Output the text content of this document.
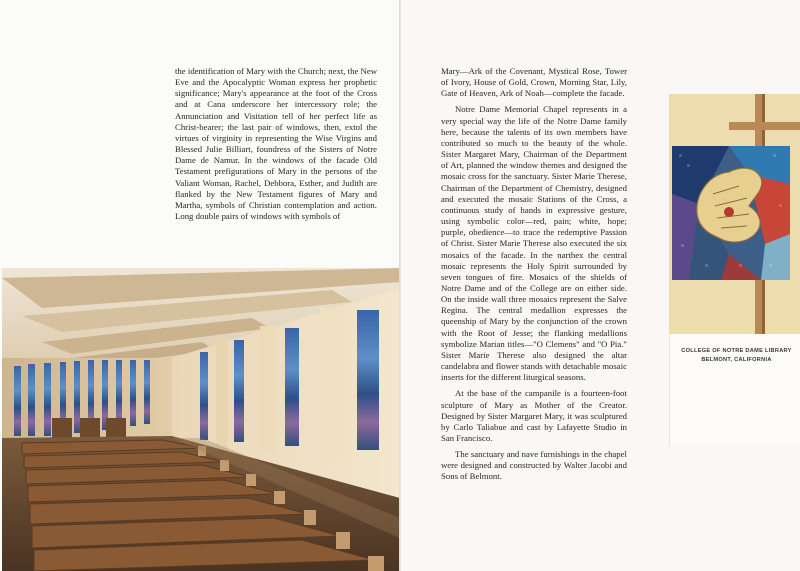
the identification of Mary with the Church; next, the New Eve and the Apocalyptic Woman express her prophetic significance; Mary's appearance at the foot of the Cross and at Cana underscore her intercessory role; the Annunciation and Visitation tell of her perfect life as Christ-bearer; the last pair of windows, then, extol the virtues of virginity in representing the Wise Virgins and Blessed Julie Billiart, foundress of the Sisters of Notre Dame de Namur. In the windows of the facade Old Testament prefigurations of Mary in the persons of the Valiant Woman, Rachel, Debbora, Esther, and Judith are flanked by the New Testament figures of Mary and Martha, symbols of Christian contemplation and action. Long double pairs of windows with symbols of

Mary—Ark of the Covenant, Mystical Rose, Tower of Ivory, House of Gold, Crown, Morning Star, Lily, Gate of Heaven, Ark of Noah—complete the facade.

Notre Dame Memorial Chapel represents in a very special way the life of the Notre Dame family here, because the talents of its own members have contributed so much to the beauty of the whole. Sister Margaret Mary, Chairman of the Department of Art, planned the window themes and designed the mosaic cross for the sanctuary. Sister Marie Therese, Chairman of the Department of Chemistry, designed and executed the mosaic Stations of the Cross, a continuous study of hands in expressive gesture, using symbolic color—red, pain; white, hope; purple, obedience—to trace the redemptive Passion of Christ. Sister Marie Therese also executed the six mosaics of the facade. In the narthex the central mosaic represents the Holy Spirit surrounded by seven tongues of fire. Mosaics of the shields of Notre Dame and of the College are on either side. On the inside wall three mosaics represent the Salve Regina. The central medallion expresses the queenship of Mary by the conjunction of the crown with the Root of Jesse; the flanking medallions symbolize Marian titles—"O Clemens" and "O Pia." Sister Marie Therese also designed the altar candelabra and flower stands with detachable mosaic inserts for the different liturgical seasons.

At the base of the campanile is a fourteen-foot sculpture of Mary as Mother of the Creator. Designed by Sister Margaret Mary, it was sculptured by Carlo Taliabue and cast by Lafayette Studio in San Francisco.

The sanctuary and nave furnishings in the chapel were designed and constructed by Walter Jacobi and Sons of Belmont.

COLLEGE OF NOTRE DAME LIBRARY
BELMONT, CALIFORNIA
